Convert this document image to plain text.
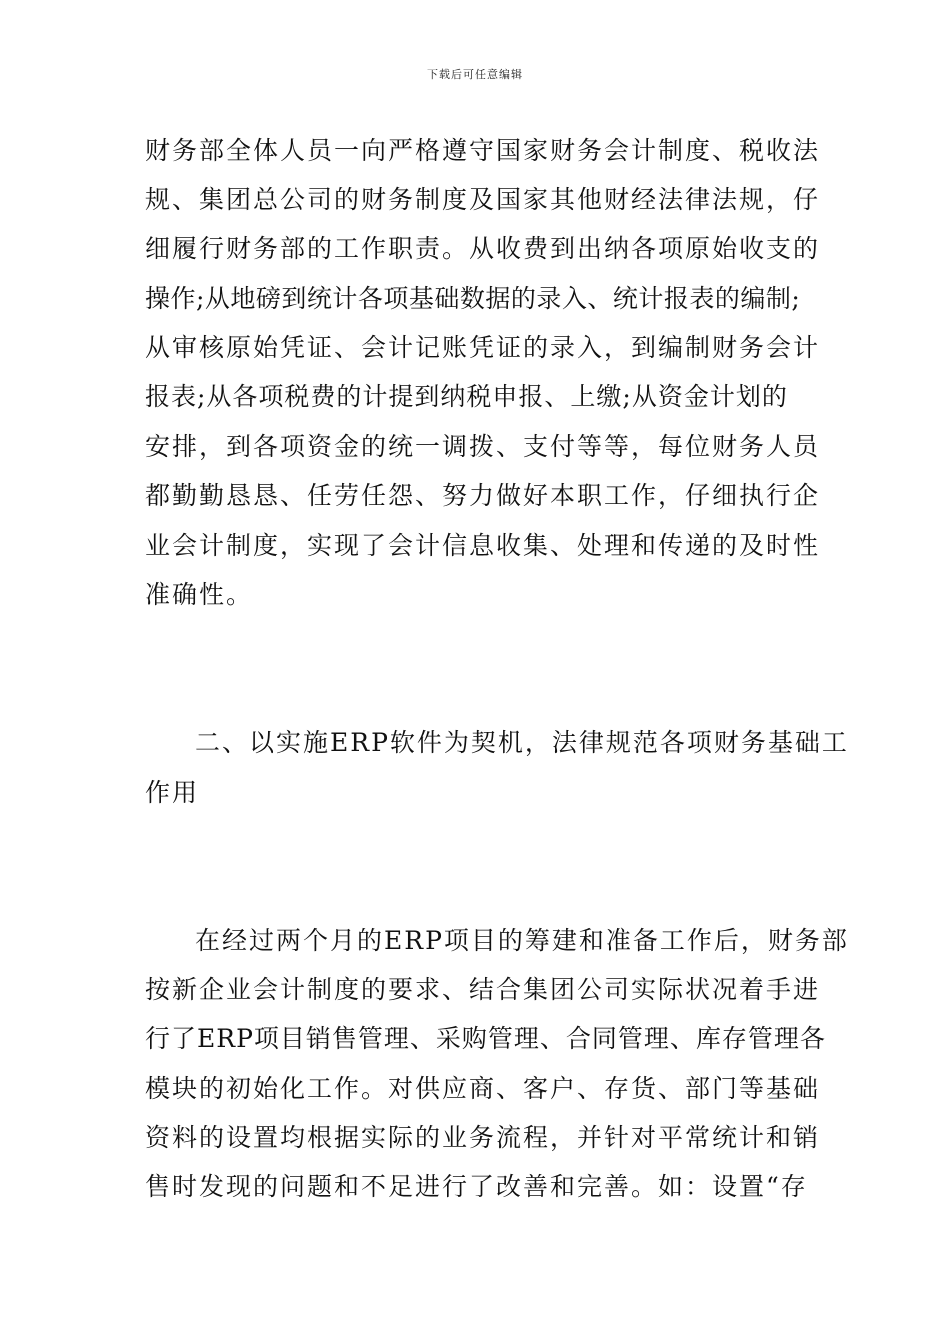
下载后可任意编辑
财务部全体人员一向严格遵守国家财务会计制度、税收法
规、集团总公司的财务制度及国家其他财经法律法规，仔
细履行财务部的工作职责。从收费到出纳各项原始收支的
操作;从地磅到统计各项基础数据的录入、统计报表的编制;
从审核原始凭证、会计记账凭证的录入，到编制财务会计
报表;从各项税费的计提到纳税申报、上缴;从资金计划的
安排，到各项资金的统一调拨、支付等等，每位财务人员
都勤勤恳恳、任劳任怨、努力做好本职工作，仔细执行企
业会计制度，实现了会计信息收集、处理和传递的及时性
准确性。
二、以实施ERP软件为契机，法律规范各项财务基础工
作用
在经过两个月的ERP项目的筹建和准备工作后，财务部
按新企业会计制度的要求、结合集团公司实际状况着手进
行了ERP项目销售管理、采购管理、合同管理、库存管理各
模块的初始化工作。对供应商、客户、存货、部门等基础
资料的设置均根据实际的业务流程，并针对平常统计和销
售时发现的问题和不足进行了改善和完善。如：设置“存
